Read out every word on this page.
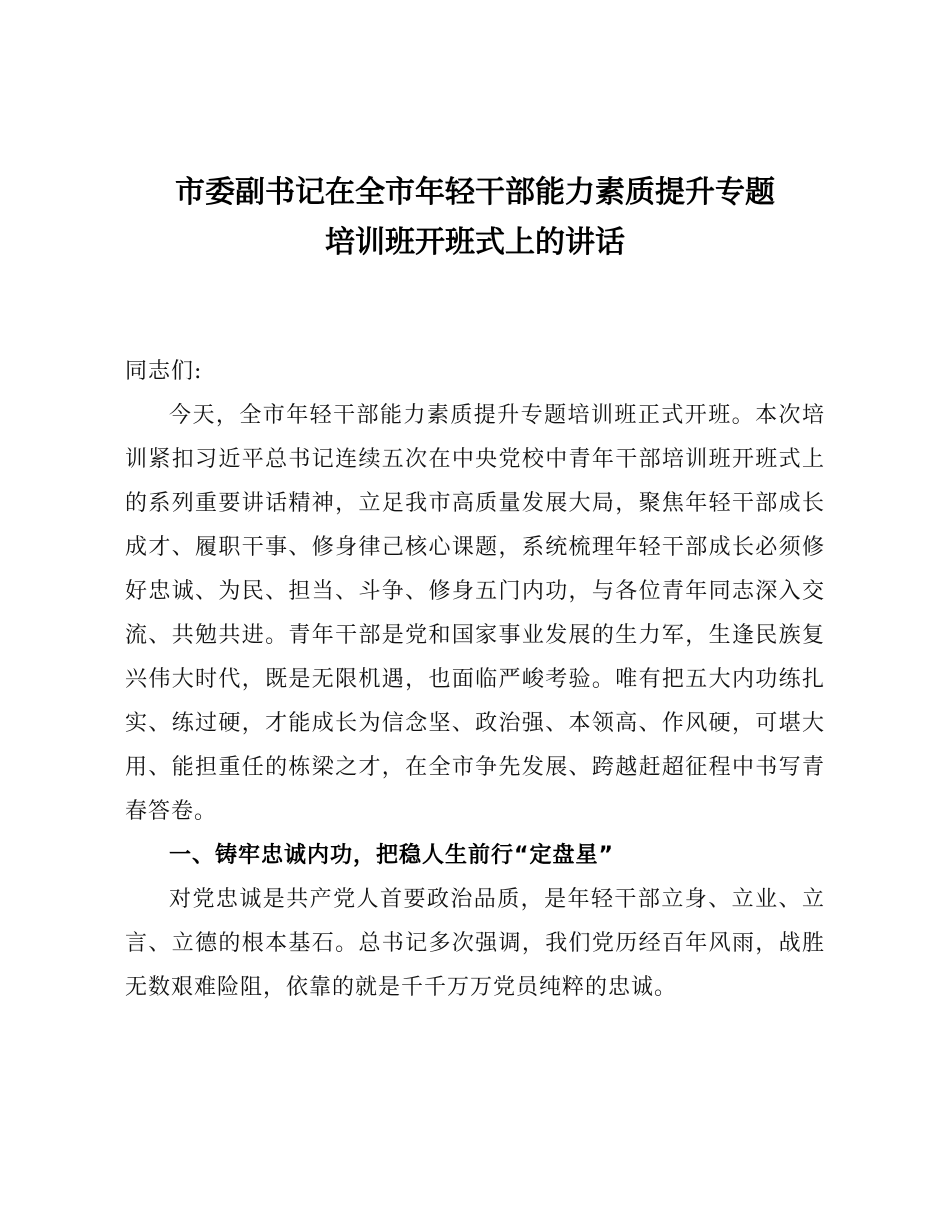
市委副书记在全市年轻干部能力素质提升专题
培训班开班式上的讲话

同志们:

今天，全市年轻干部能力素质提升专题培训班正式开班。本次培训紧扣习近平总书记连续五次在中央党校中青年干部培训班开班式上的系列重要讲话精神，立足我市高质量发展大局，聚焦年轻干部成长成才、履职干事、修身律己核心课题，系统梳理年轻干部成长必须修好忠诚、为民、担当、斗争、修身五门内功，与各位青年同志深入交流、共勉共进。青年干部是党和国家事业发展的生力军，生逢民族复兴伟大时代，既是无限机遇，也面临严峻考验。唯有把五大内功练扎实、练过硬，才能成长为信念坚、政治强、本领高、作风硬，可堪大用、能担重任的栋梁之才，在全市争先发展、跨越赶超征程中书写青春答卷。

一、铸牢忠诚内功，把稳人生前行“定盘星”

对党忠诚是共产党人首要政治品质，是年轻干部立身、立业、立言、立德的根本基石。总书记多次强调，我们党历经百年风雨，战胜无数艰难险阻，依靠的就是千千万万党员纯粹的忠诚。
